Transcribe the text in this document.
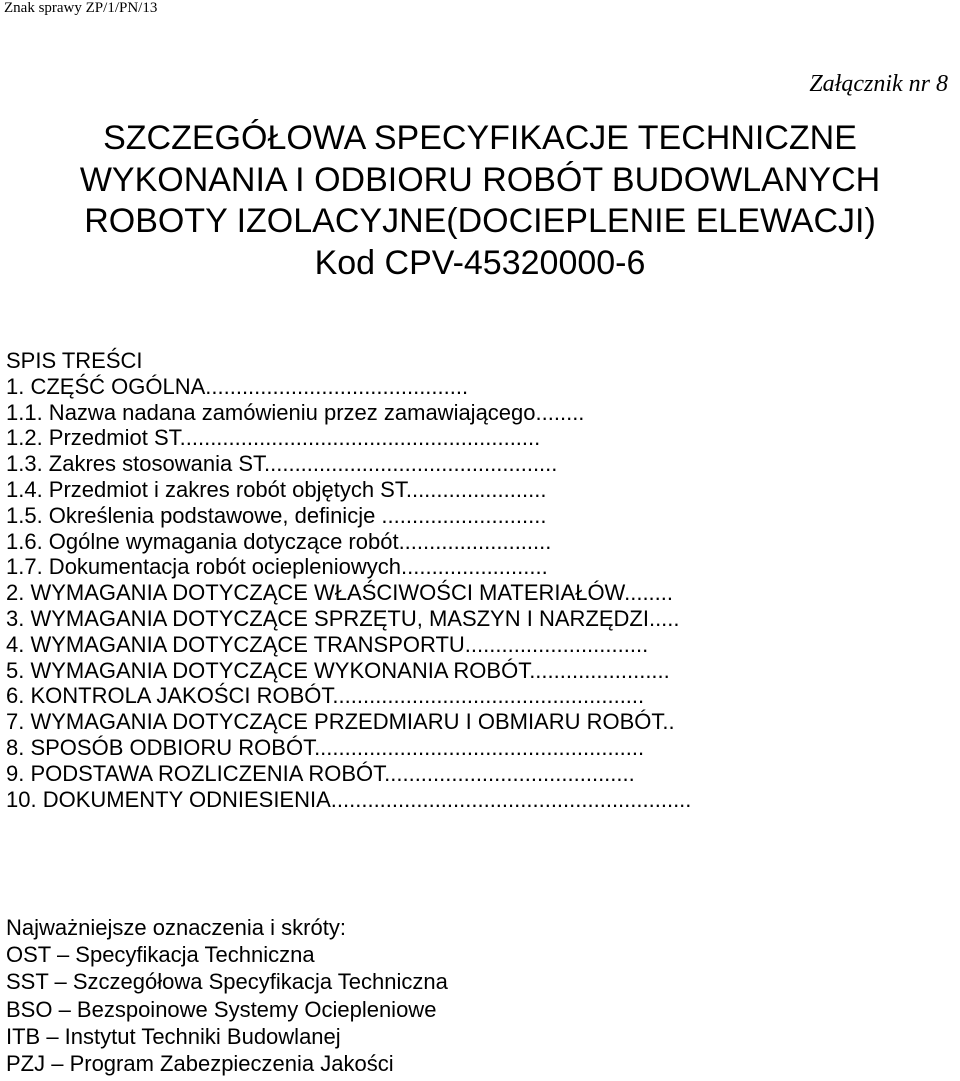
Znak sprawy ZP/1/PN/13
Załącznik nr 8
SZCZEGÓŁOWA SPECYFIKACJE TECHNICZNE
WYKONANIA I ODBIORU ROBÓT BUDOWLANYCH
ROBOTY IZOLACYJNE(DOCIEPLENIE ELEWACJI)
Kod CPV-45320000-6
SPIS TREŚCI
1. CZĘŚĆ OGÓLNA...........................................
1.1. Nazwa nadana zamówieniu przez zamawiającego........
1.2. Przedmiot ST...........................................................
1.3. Zakres stosowania ST................................................
1.4. Przedmiot i zakres robót objętych ST.......................
1.5. Określenia podstawowe, definicje ...........................
1.6. Ogólne wymagania dotyczące robót.........................
1.7. Dokumentacja robót ociepleniowych........................
2. WYMAGANIA DOTYCZĄCE WŁAŚCIWOŚCI MATERIAŁÓW........
3. WYMAGANIA DOTYCZĄCE SPRZĘTU, MASZYN I NARZĘDZI.....
4. WYMAGANIA DOTYCZĄCE TRANSPORTU..............................
5. WYMAGANIA DOTYCZĄCE WYKONANIA ROBÓT.......................
6. KONTROLA JAKOŚCI ROBÓT...................................................
7. WYMAGANIA DOTYCZĄCE PRZEDMIARU I OBMIARU ROBÓT..
8. SPOSÓB ODBIORU ROBÓT......................................................
9. PODSTAWA ROZLICZENIA ROBÓT.........................................
10. DOKUMENTY ODNIESIENIA...........................................................
Najważniejsze oznaczenia i skróty:
OST – Specyfikacja Techniczna
SST – Szczegółowa Specyfikacja Techniczna
BSO – Bezspoinowe Systemy Ociepleniowe
ITB – Instytut Techniki Budowlanej
PZJ – Program Zabezpieczenia Jakości
